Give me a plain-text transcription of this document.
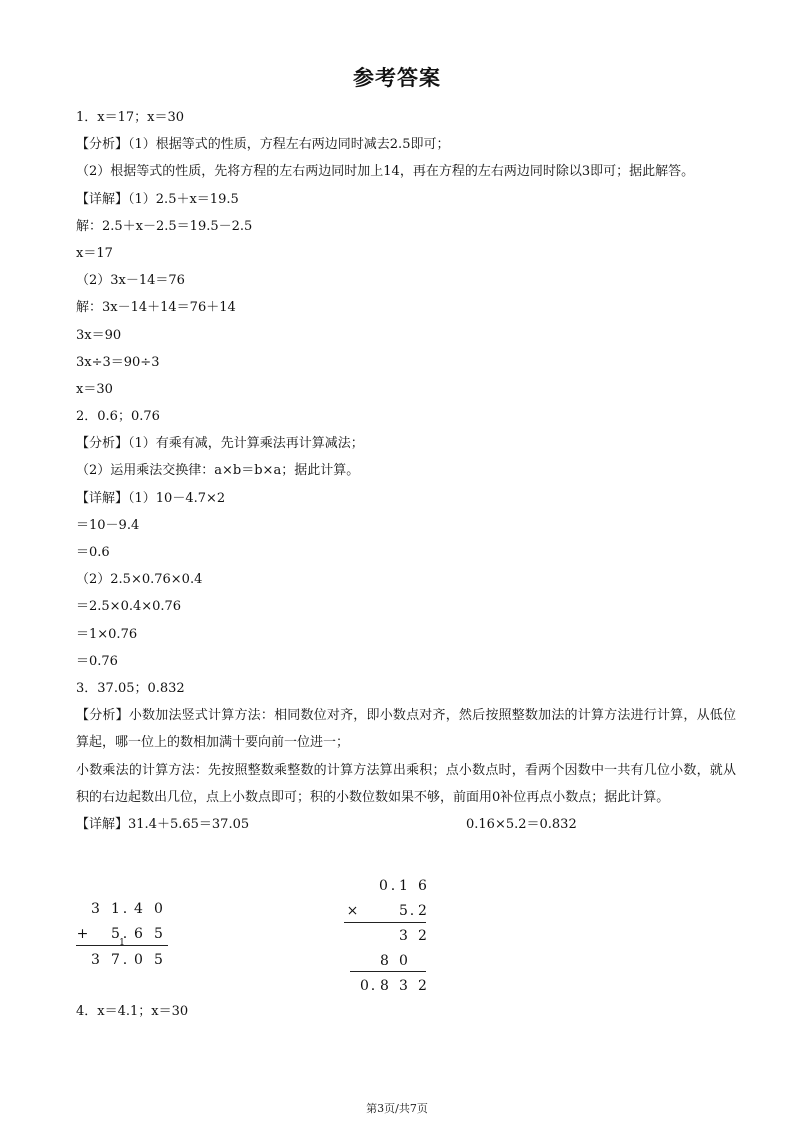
参考答案
1．x＝17；x＝30
【分析】（1）根据等式的性质，方程左右两边同时减去2.5即可；
（2）根据等式的性质，先将方程的左右两边同时加上14，再在方程的左右两边同时除以3即可；据此解答。
【详解】（1）2.5＋x＝19.5
解：2.5＋x－2.5＝19.5－2.5
x＝17
（2）3x－14＝76
解：3x－14＋14＝76＋14
3x＝90
3x÷3＝90÷3
x＝30
2．0.6；0.76
【分析】（1）有乘有减，先计算乘法再计算减法；
（2）运用乘法交换律：a×b＝b×a；据此计算。
【详解】（1）10－4.7×2
＝10－9.4
＝0.6
（2）2.5×0.76×0.4
＝2.5×0.4×0.76
＝1×0.76
＝0.76
3．37.05；0.832
【分析】小数加法竖式计算方法：相同数位对齐，即小数点对齐，然后按照整数加法的计算方法进行计算，从低位算起，哪一位上的数相加满十要向前一位进一；
小数乘法的计算方法：先按照整数乘整数的计算方法算出乘积；点小数点时，看两个因数中一共有几位小数，就从积的右边起数出几位，点上小数点即可；积的小数位数如果不够，前面用0补位再点小数点；据此计算。
【详解】31.4＋5.65＝37.05	0.16×5.2＝0.832
3 1 . 4 0
+ 5 . 6 5
1
3 7 . 0 5
0 . 1 6
×	5 . 2
3 2
8 0
0 . 8 3 2
4．x＝4.1；x＝30
第3页/共7页
